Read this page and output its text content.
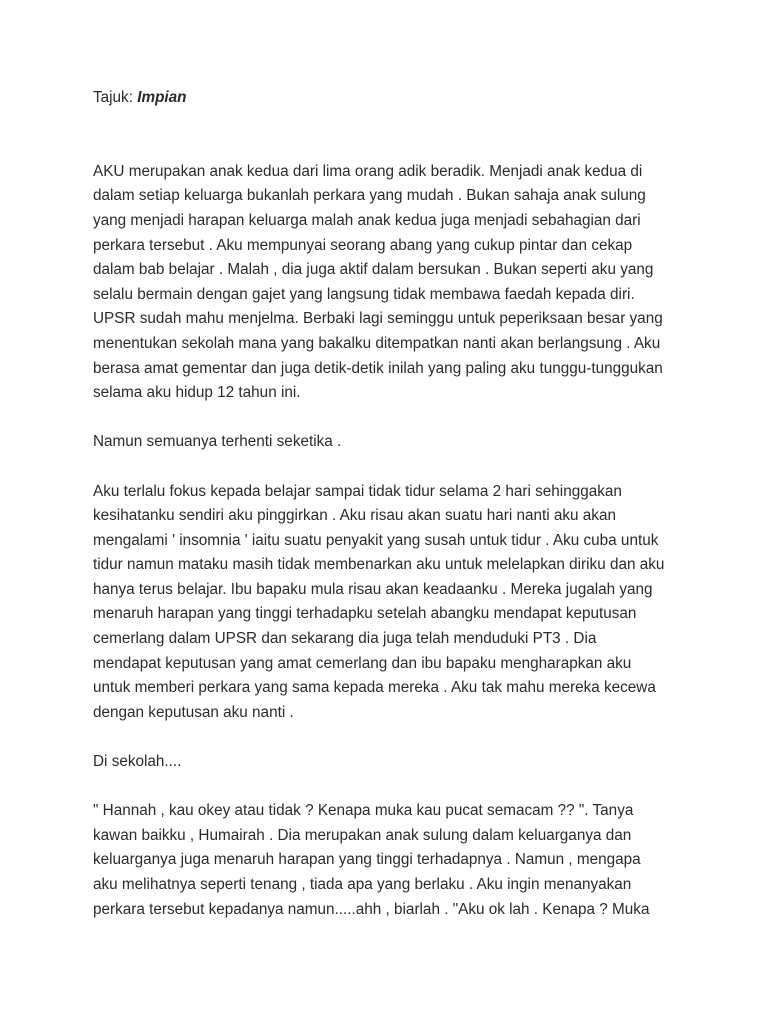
Tajuk: Impian

AKU merupakan anak kedua dari lima orang adik beradik. Menjadi anak kedua di
dalam setiap keluarga bukanlah perkara yang mudah . Bukan sahaja anak sulung
yang menjadi harapan keluarga malah anak kedua juga menjadi sebahagian dari
perkara tersebut . Aku mempunyai seorang abang yang cukup pintar dan cekap
dalam bab belajar . Malah , dia juga aktif dalam bersukan . Bukan seperti aku yang
selalu bermain dengan gajet yang langsung tidak membawa faedah kepada diri.
UPSR sudah mahu menjelma. Berbaki lagi seminggu untuk peperiksaan besar yang
menentukan sekolah mana yang bakalku ditempatkan nanti akan berlangsung . Aku
berasa amat gementar dan juga detik-detik inilah yang paling aku tunggu-tunggukan
selama aku hidup 12 tahun ini.

Namun semuanya terhenti seketika .

Aku terlalu fokus kepada belajar sampai tidak tidur selama 2 hari sehinggakan
kesihatanku sendiri aku pinggirkan . Aku risau akan suatu hari nanti aku akan
mengalami ' insomnia ' iaitu suatu penyakit yang susah untuk tidur . Aku cuba untuk
tidur namun mataku masih tidak membenarkan aku untuk melelapkan diriku dan aku
hanya terus belajar. Ibu bapaku mula risau akan keadaanku . Mereka jugalah yang
menaruh harapan yang tinggi terhadapku setelah abangku mendapat keputusan
cemerlang dalam UPSR dan sekarang dia juga telah menduduki PT3 . Dia
mendapat keputusan yang amat cemerlang dan ibu bapaku mengharapkan aku
untuk memberi perkara yang sama kepada mereka . Aku tak mahu mereka kecewa
dengan keputusan aku nanti .

Di sekolah....

" Hannah , kau okey atau tidak ? Kenapa muka kau pucat semacam ?? ". Tanya
kawan baikku , Humairah . Dia merupakan anak sulung dalam keluarganya dan
keluarganya juga menaruh harapan yang tinggi terhadapnya . Namun , mengapa
aku melihatnya seperti tenang , tiada apa yang berlaku . Aku ingin menanyakan
perkara tersebut kepadanya namun.....ahh , biarlah . "Aku ok lah . Kenapa ? Muka
